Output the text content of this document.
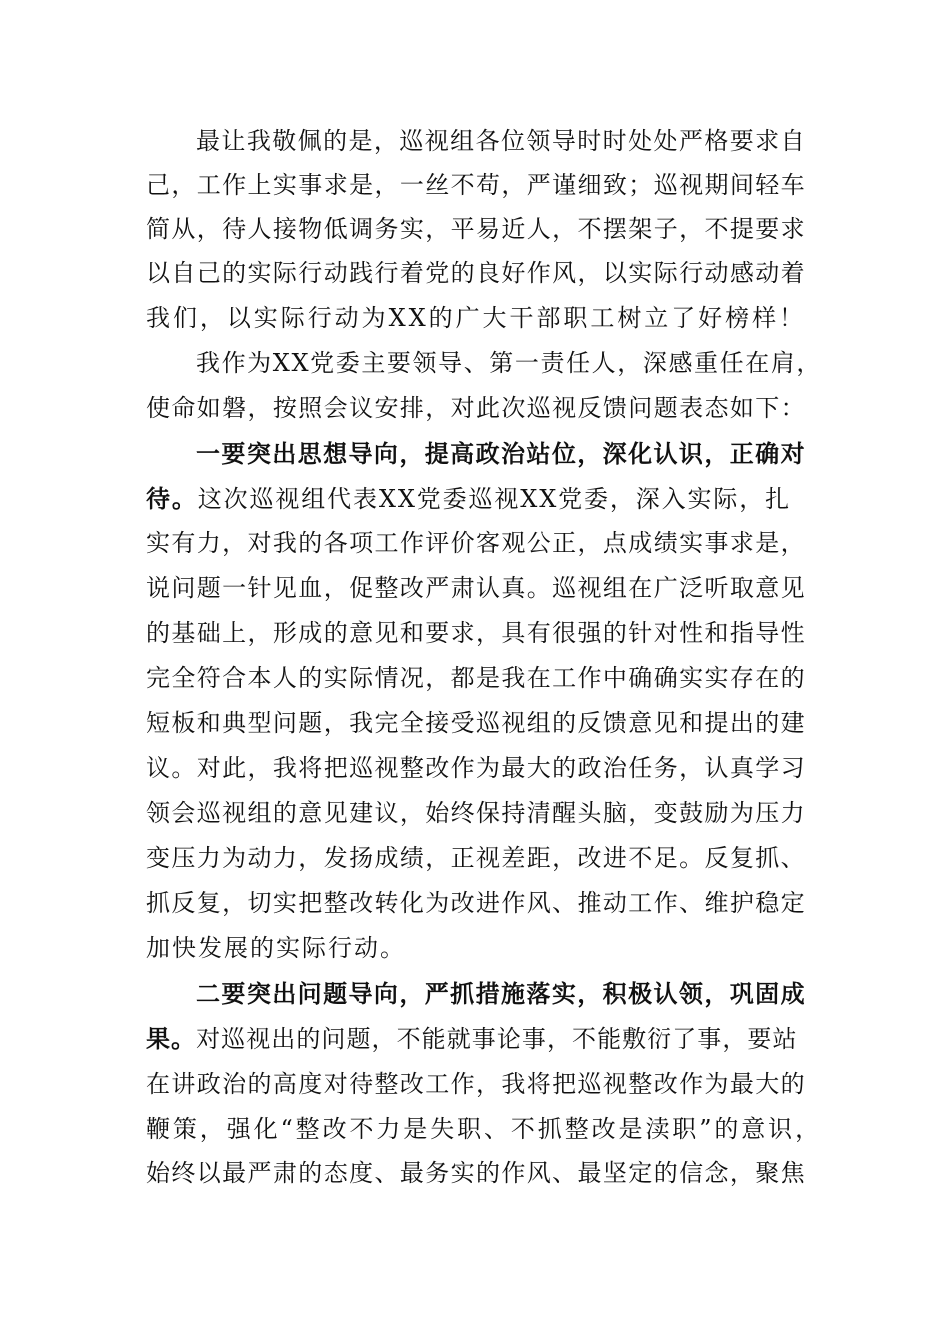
最让我敬佩的是，巡视组各位领导时时处处严格要求自
己，工作上实事求是，一丝不苟，严谨细致；巡视期间轻车
简从，待人接物低调务实，平易近人，不摆架子，不提要求
以自己的实际行动践行着党的良好作风，以实际行动感动着
我们，以实际行动为XX的广大干部职工树立了好榜样！
我作为XX党委主要领导、第一责任人，深感重任在肩，
使命如磐，按照会议安排，对此次巡视反馈问题表态如下：
一要突出思想导向，提高政治站位，深化认识，正确对
待。这次巡视组代表XX党委巡视XX党委，深入实际，扎
实有力，对我的各项工作评价客观公正，点成绩实事求是，
说问题一针见血，促整改严肃认真。巡视组在广泛听取意见
的基础上，形成的意见和要求，具有很强的针对性和指导性
完全符合本人的实际情况，都是我在工作中确确实实存在的
短板和典型问题，我完全接受巡视组的反馈意见和提出的建
议。对此，我将把巡视整改作为最大的政治任务，认真学习
领会巡视组的意见建议，始终保持清醒头脑，变鼓励为压力
变压力为动力，发扬成绩，正视差距，改进不足。反复抓、
抓反复，切实把整改转化为改进作风、推动工作、维护稳定
加快发展的实际行动。
二要突出问题导向，严抓措施落实，积极认领，巩固成
果。对巡视出的问题，不能就事论事，不能敷衍了事，要站
在讲政治的高度对待整改工作，我将把巡视整改作为最大的
鞭策，强化“整改不力是失职、不抓整改是渎职”的意识，
始终以最严肃的态度、最务实的作风、最坚定的信念，聚焦
